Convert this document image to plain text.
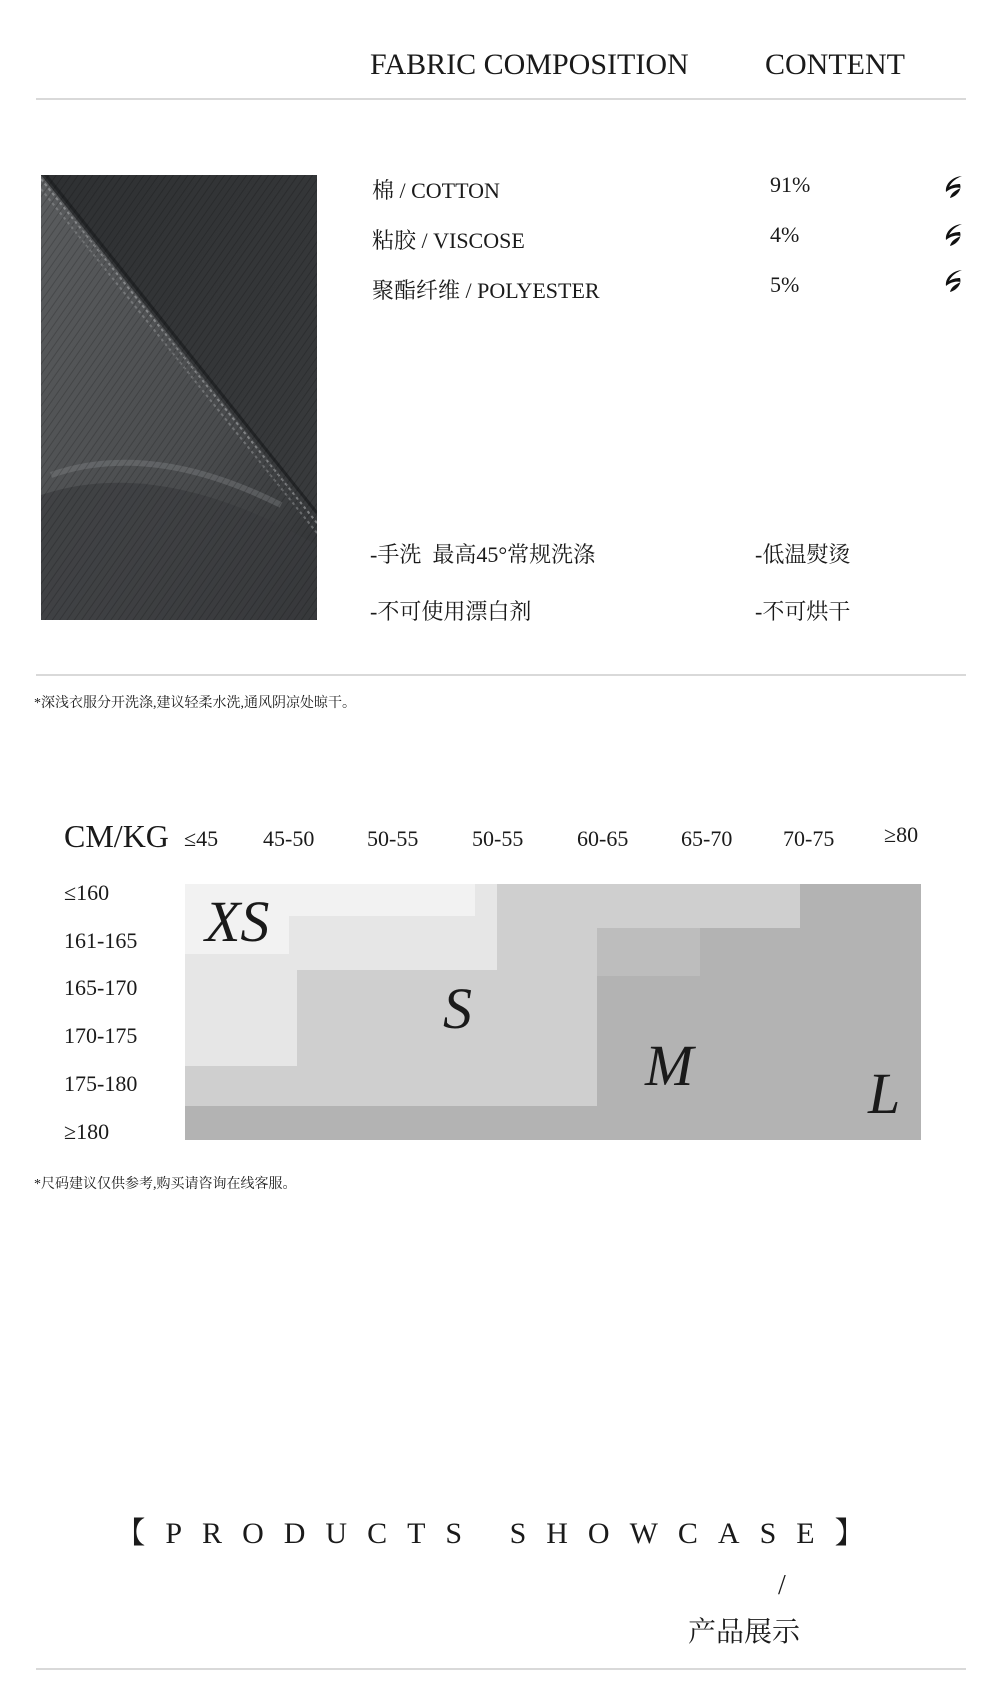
FABRIC COMPOSITION	CONTENT
棉 / COTTON	91%
粘胶 / VISCOSE	4%
聚酯纤维 / POLYESTER	5%
-手洗  最高45°常规洗涤	-低温熨烫
-不可使用漂白剂	-不可烘干
*深浅衣服分开洗涤,建议轻柔水洗,通风阴凉处晾干。
CM/KG ≤45 45-50 50-55 50-55 60-65 65-70 70-75 ≥80
≤160
161-165
165-170
170-175
175-180
≥180
XS
S
M	L
*尺码建议仅供参考,购买请咨询在线客服。
【PRODUCTS SHOWCASE】
/
产品展示
